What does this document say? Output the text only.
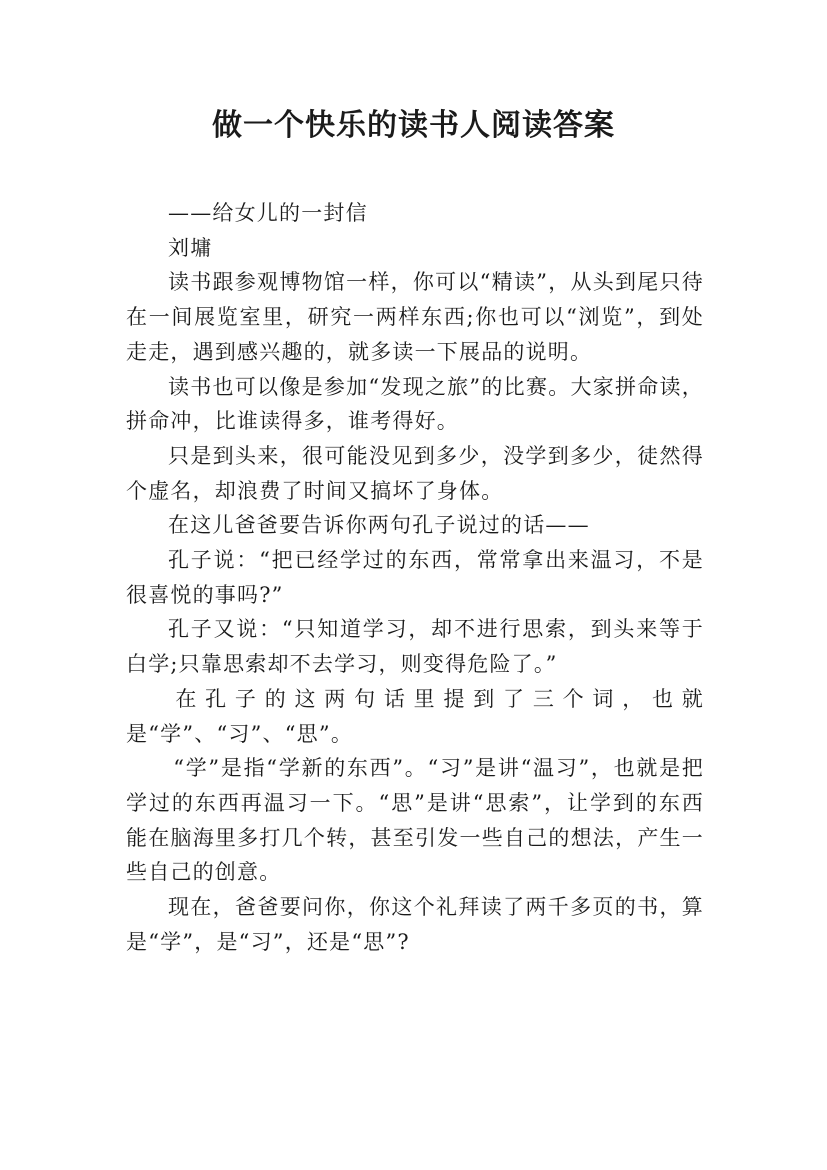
做一个快乐的读书人阅读答案

——给女儿的一封信

刘墉

读书跟参观博物馆一样，你可以“精读”，从头到尾只待在一间展览室里，研究一两样东西;你也可以“浏览”，到处走走，遇到感兴趣的，就多读一下展品的说明。

读书也可以像是参加“发现之旅”的比赛。大家拼命读，拼命冲，比谁读得多，谁考得好。

只是到头来，很可能没见到多少，没学到多少，徒然得个虚名，却浪费了时间又搞坏了身体。

在这儿爸爸要告诉你两句孔子说过的话——

孔子说：“把已经学过的东西，常常拿出来温习，不是很喜悦的事吗?”

孔子又说：“只知道学习，却不进行思索，到头来等于白学;只靠思索却不去学习，则变得危险了。”

在孔子的这两句话里提到了三个词，也就是“学”、“习”、“思”。

“学”是指“学新的东西”。“习”是讲“温习”，也就是把学过的东西再温习一下。“思”是讲“思索”，让学到的东西能在脑海里多打几个转，甚至引发一些自己的想法，产生一些自己的创意。

现在，爸爸要问你，你这个礼拜读了两千多页的书，算是“学”，是“习”，还是“思”?
